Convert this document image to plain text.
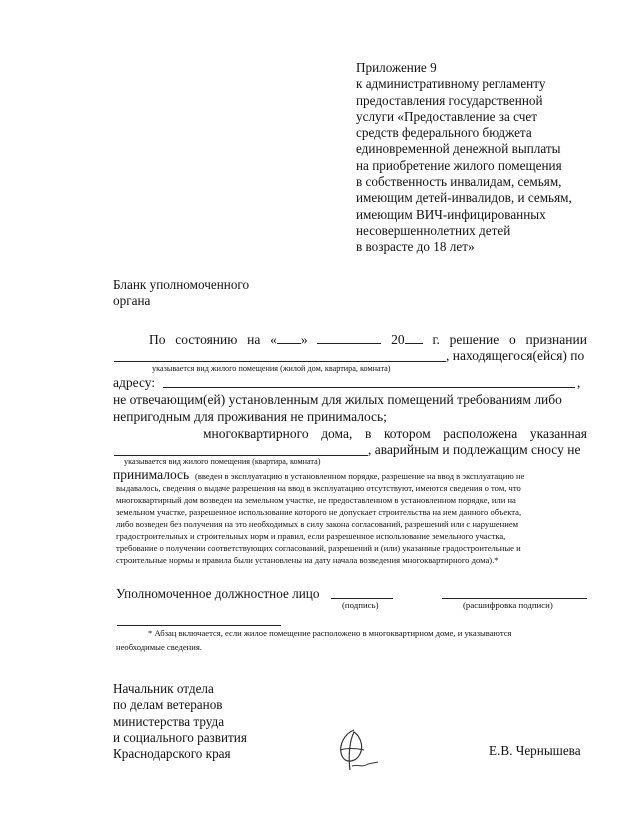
Приложение 9
к административному регламенту
предоставления государственной
услуги «Предоставление за счет
средств федерального бюджета
единовременной денежной выплаты
на приобретение жилого помещения
в собственность инвалидам, семьям,
имеющим детей-инвалидов, и семьям,
имеющим ВИЧ-инфицированных
несовершеннолетних детей
в возрасте до 18 лет»
Бланк уполномоченного
органа
По состоянию на « »	20	г. решение о признании
, находящегося(ейся) по
указывается вид жилого помещения (жилой дом, квартира, комната)
адресу:	,
не отвечающим(ей) установленным для жилых помещений требованиям либо
непригодным для проживания не принималось;
многоквартирного дома, в котором расположена указанная
, аварийным и подлежащим сносу не
указывается вид жилого помещения (квартира, комната)
принималось (введен в эксплуатацию в установленном порядке, разрешение на ввод в эксплуатацию не
выдавалось, сведения о выдаче разрешения на ввод в эксплуатацию отсутствуют, имеются сведения о том, что
многоквартирный дом возведен на земельном участке, не предоставленном в установленном порядке, или на
земельном участке, разрешенное использование которого не допускает строительства на нем данного объекта,
либо возведен без получения на это необходимых в силу закона согласований, разрешений или с нарушением
градостроительных и строительных норм и правил, если разрешенное использование земельного участка,
требование о получении соответствующих согласований, разрешений и (или) указанные градостроительные и
строительные нормы и правила были установлены на дату начала возведения многоквартирного дома).*
Уполномоченное должностное лицо
(подпись)	(расшифровка подписи)
* Абзац включается, если жилое помещение расположено в многоквартирном доме, и указываются
необходимые сведения.
Начальник отдела
по делам ветеранов
министерства труда
и социального развития
Краснодарского края	Е.В. Чернышева
